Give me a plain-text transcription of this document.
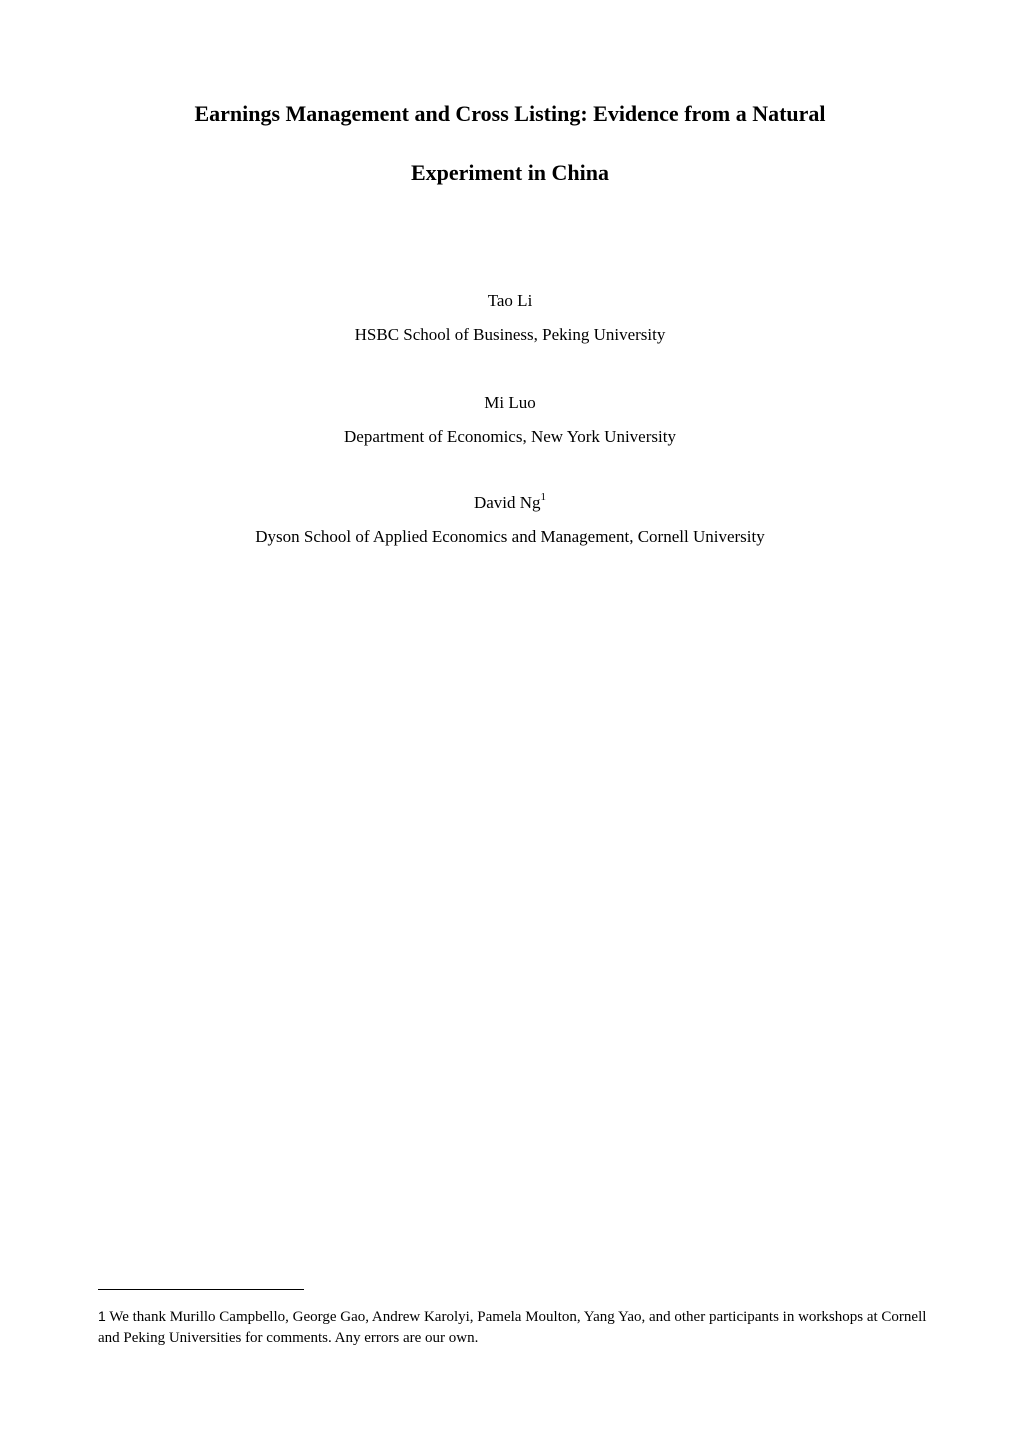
Earnings Management and Cross Listing: Evidence from a Natural
Experiment in China
Tao Li
HSBC School of Business, Peking University
Mi Luo
Department of Economics, New York University
David Ng$^1$
Dyson School of Applied Economics and Management, Cornell University
1 We thank Murillo Campbello, George Gao, Andrew Karolyi, Pamela Moulton, Yang Yao, and other participants in workshops at Cornell and Peking Universities for comments. Any errors are our own.
